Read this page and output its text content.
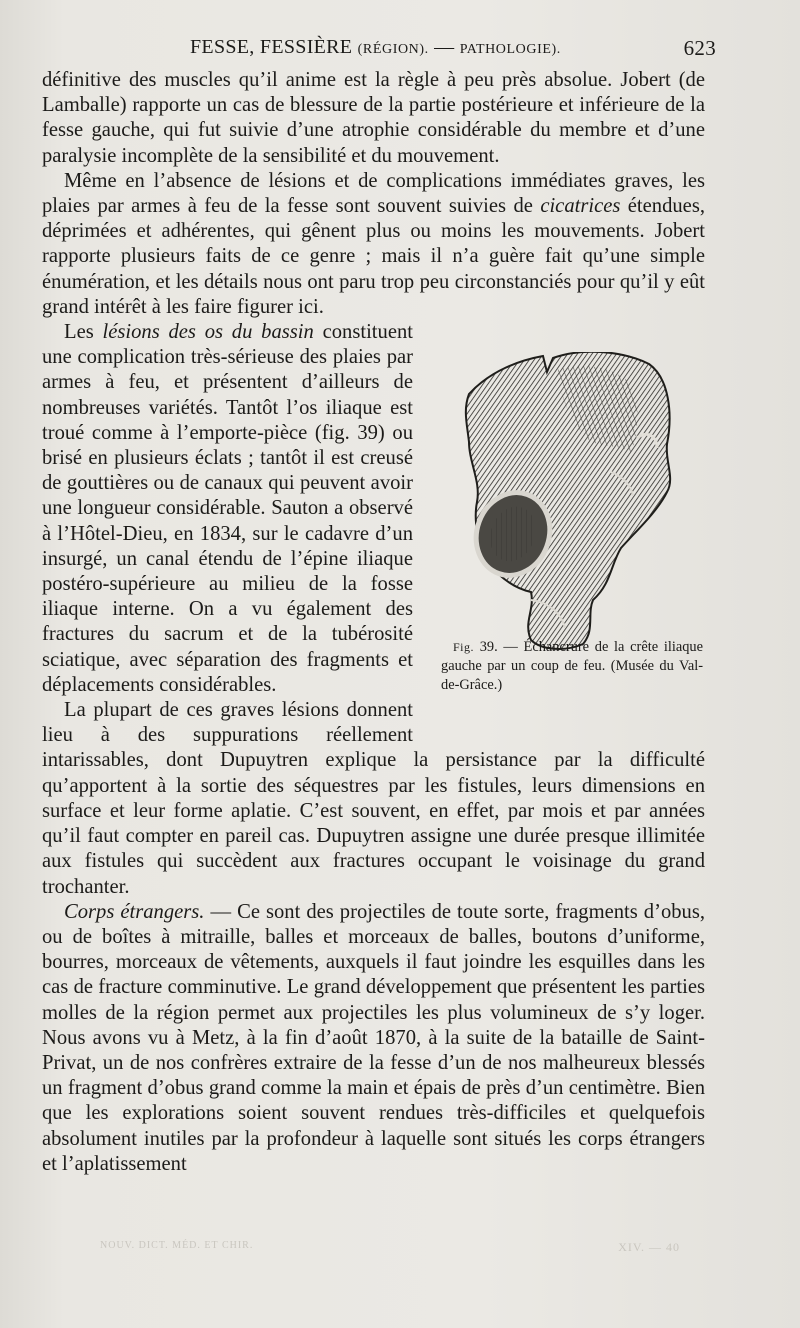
FESSE, FESSIÈRE (RÉGION). — PATHOLOGIE).	623

définitive des muscles qu’il anime est la règle à peu près absolue. Jobert (de Lamballe) rapporte un cas de blessure de la partie postérieure et inférieure de la fesse gauche, qui fut suivie d’une atrophie considérable du membre et d’une paralysie incomplète de la sensibilité et du mouvement.

Même en l’absence de lésions et de complications immédiates graves, les plaies par armes à feu de la fesse sont souvent suivies de cicatrices étendues, déprimées et adhérentes, qui gênent plus ou moins les mouvements. Jobert rapporte plusieurs faits de ce genre ; mais il n’a guère fait qu’une simple énumération, et les détails nous ont paru trop peu circonstanciés pour qu’il y eût grand intérêt à les faire figurer ici.

Fig. 39. — Échancrure de la crête iliaque gauche par un coup de feu. (Musée du Val-de-Grâce.)

Les lésions des os du bassin constituent une complication très-sérieuse des plaies par armes à feu, et présentent d’ailleurs de nombreuses variétés. Tantôt l’os iliaque est troué comme à l’emporte-pièce (fig. 39) ou brisé en plusieurs éclats ; tantôt il est creusé de gouttières ou de canaux qui peuvent avoir une longueur considérable. Sauton a observé à l’Hôtel-Dieu, en 1834, sur le cadavre d’un insurgé, un canal étendu de l’épine iliaque postéro-supérieure au milieu de la fosse iliaque interne. On a vu également des fractures du sacrum et de la tubérosité sciatique, avec séparation des fragments et déplacements considérables.

La plupart de ces graves lésions donnent lieu à des suppurations réellement intarissables, dont Dupuytren explique la persistance par la difficulté qu’apportent à la sortie des séquestres par les fistules, leurs dimensions en surface et leur forme aplatie. C’est souvent, en effet, par mois et par années qu’il faut compter en pareil cas. Dupuytren assigne une durée presque illimitée aux fistules qui succèdent aux fractures occupant le voisinage du grand trochanter.

Corps étrangers. — Ce sont des projectiles de toute sorte, fragments d’obus, ou de boîtes à mitraille, balles et morceaux de balles, boutons d’uniforme, bourres, morceaux de vêtements, auxquels il faut joindre les esquilles dans les cas de fracture comminutive. Le grand développement que présentent les parties molles de la région permet aux projectiles les plus volumineux de s’y loger. Nous avons vu à Metz, à la fin d’août 1870, à la suite de la bataille de Saint-Privat, un de nos confrères extraire de la fesse d’un de nos malheureux blessés un fragment d’obus grand comme la main et épais de près d’un centimètre. Bien que les explorations soient souvent rendues très-difficiles et quelquefois absolument inutiles par la profondeur à laquelle sont situés les corps étrangers et l’aplatissement

NOUV. DICT. MÉD. ET CHIR.	XIV. — 40
